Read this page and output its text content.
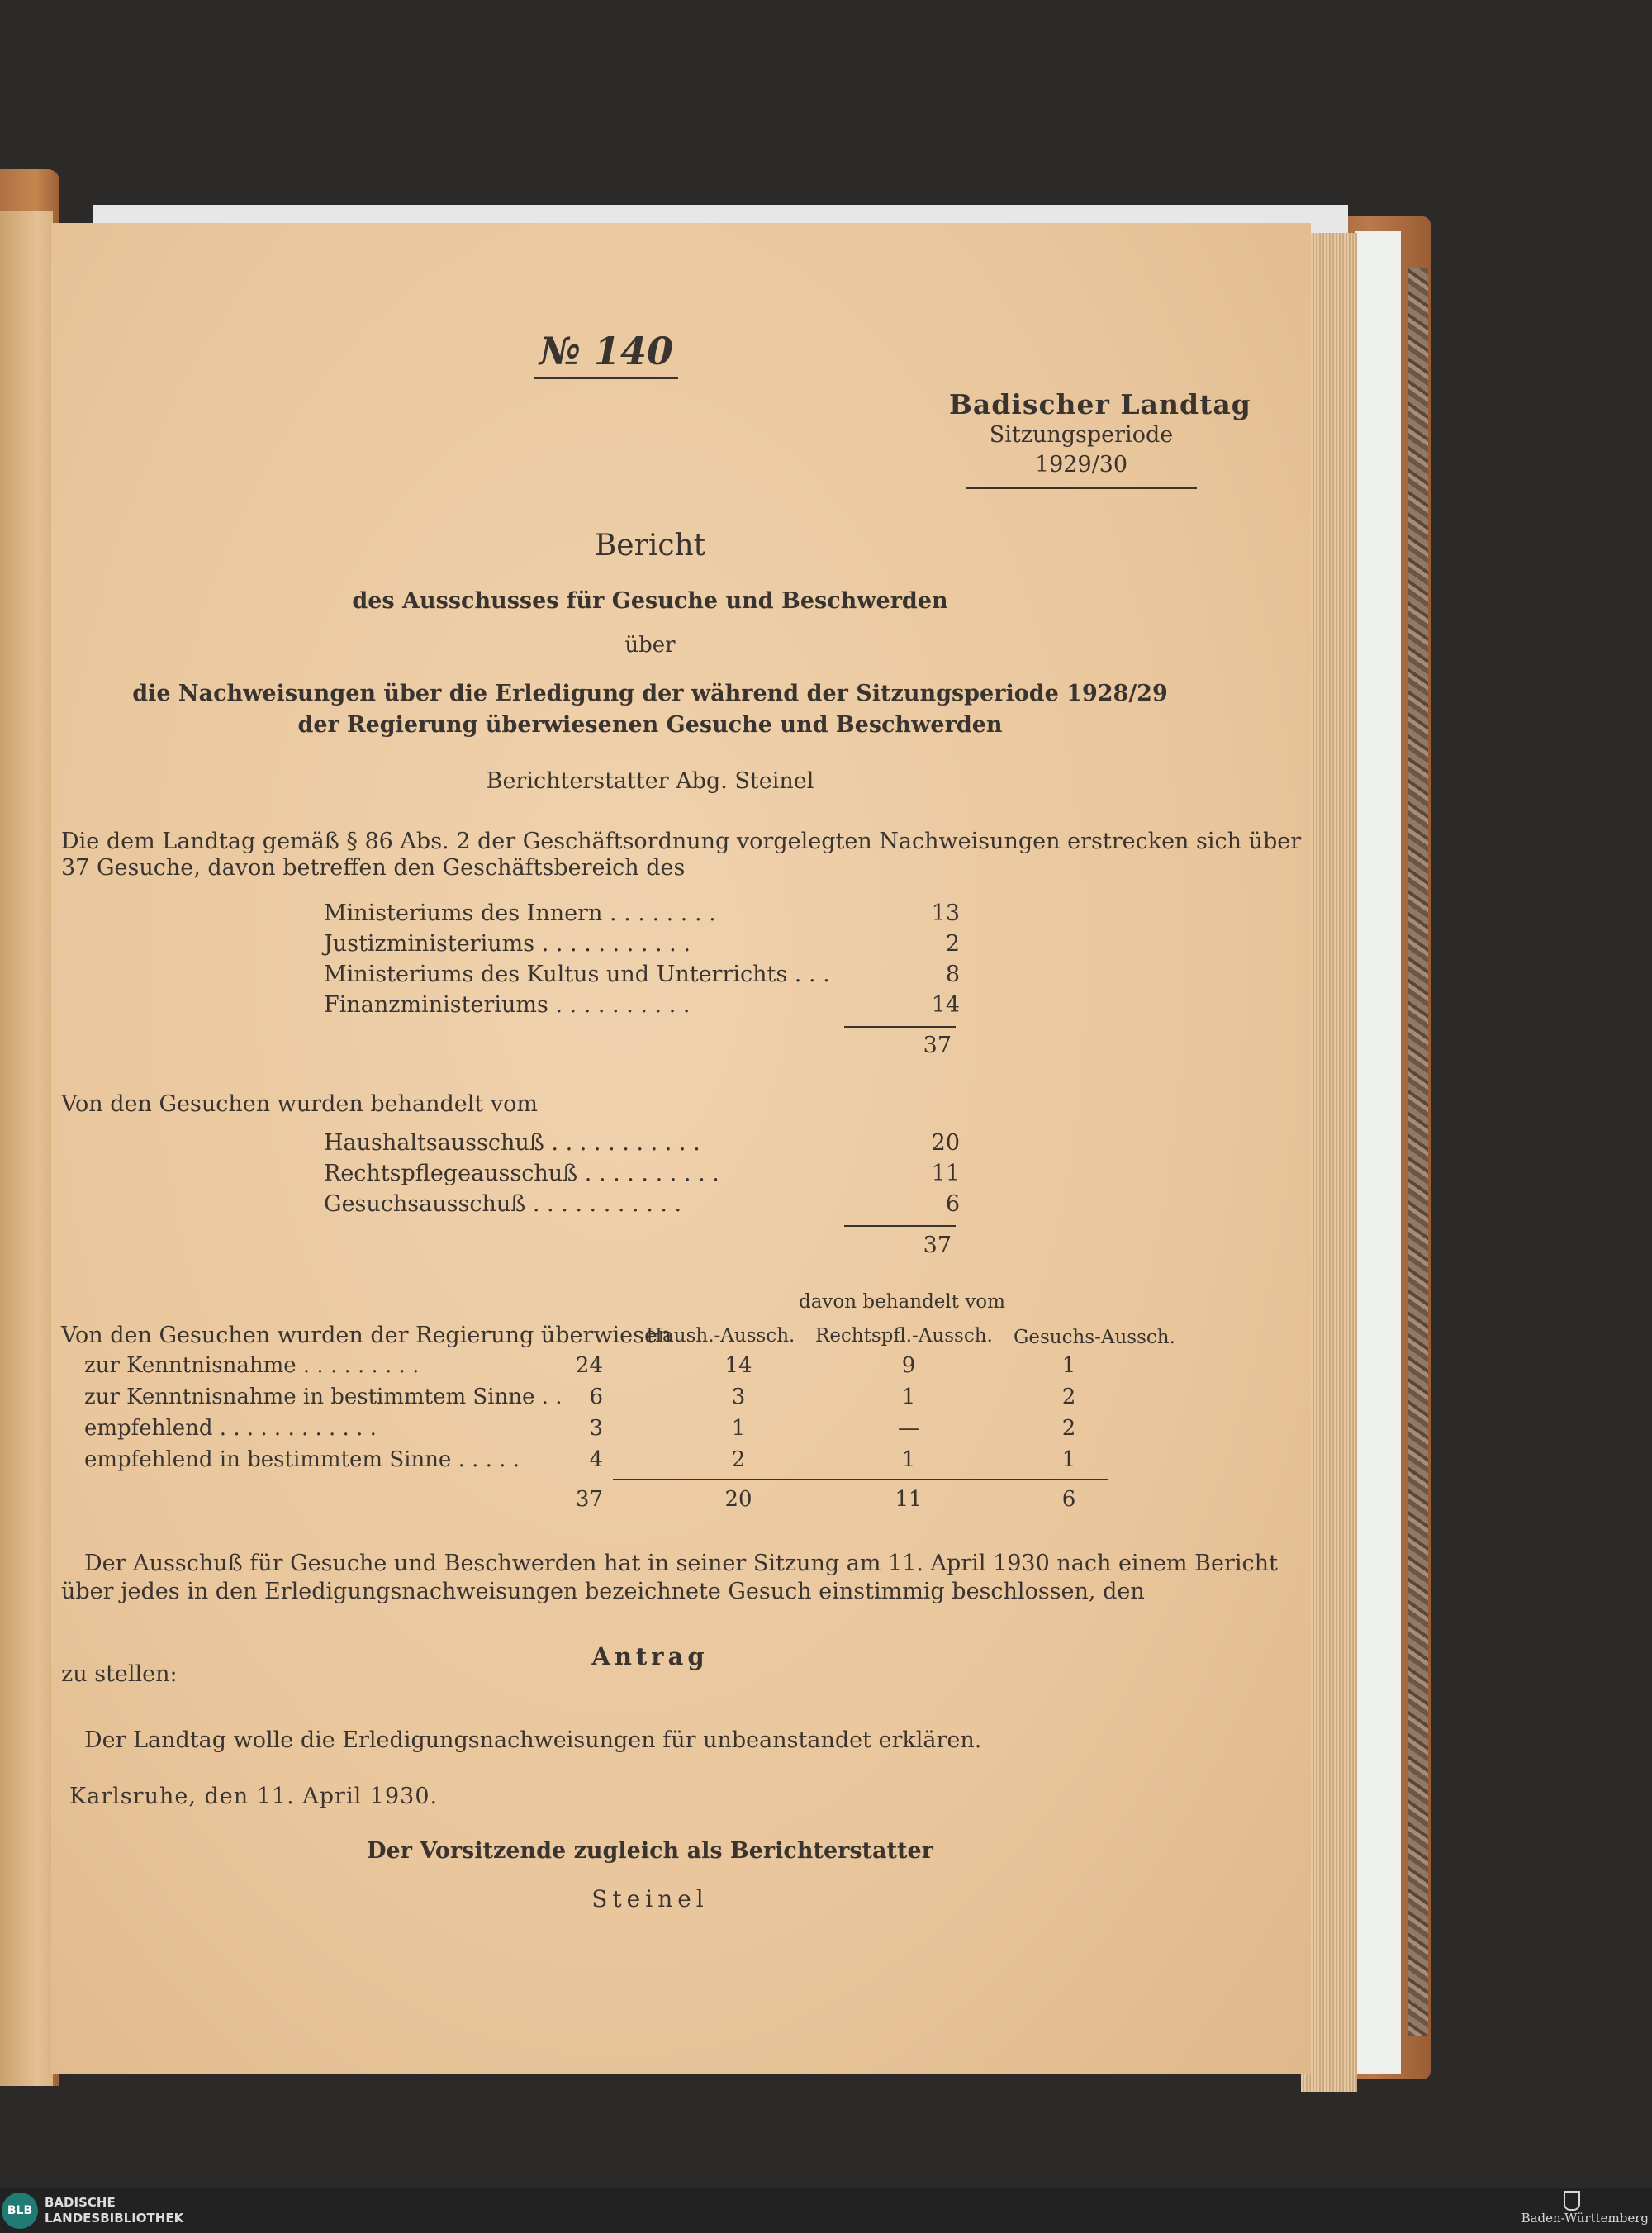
№ 140
Badischer Landtag
Sitzungsperiode
1929/30
Bericht
des Ausschusses für Gesuche und Beschwerden
über
die Nachweisungen über die Erledigung der während der Sitzungsperiode 1928/29
der Regierung überwiesenen Gesuche und Beschwerden
Berichterstatter Abg. Steinel
Die dem Landtag gemäß § 86 Abs. 2 der Geschäftsordnung vorgelegten Nachweisungen erstrecken sich über
37 Gesuche, davon betreffen den Geschäftsbereich des
Ministeriums des Innern . . . . . . . .	13
Justizministeriums . . . . . . . . . . .	2
Ministeriums des Kultus und Unterrichts . . .	8
Finanzministeriums . . . . . . . . . .	14
37
Von den Gesuchen wurden behandelt vom
Haushaltsausschuß . . . . . . . . . . .	20
Rechtspflegeausschuß . . . . . . . . . .	11
Gesuchsausschuß . . . . . . . . . . .	6
37
davon behandelt vom
Von den Gesuchen wurden der Regierung überwiesen
Haush.-Aussch. Rechtspfl.-Aussch. Gesuchs-Aussch.
zur Kenntnisnahme . . . . . . . . .	24	14	9	1
zur Kenntnisnahme in bestimmtem Sinne . .	6	3	1	2
empfehlend . . . . . . . . . . . .	3	1	—	2
empfehlend in bestimmtem Sinne . . . . .	4	2	1	1
37	20	11	6
Der Ausschuß für Gesuche und Beschwerden hat in seiner Sitzung am 11. April 1930 nach einem Bericht
über jedes in den Erledigungsnachweisungen bezeichnete Gesuch einstimmig beschlossen, den
Antrag
zu stellen:
Der Landtag wolle die Erledigungsnachweisungen für unbeanstandet erklären.
Karlsruhe, den 11. April 1930.
Der Vorsitzende zugleich als Berichterstatter
Steinel
BLB
BADISCHE
LANDESBIBLIOTHEK	Baden-Württemberg
